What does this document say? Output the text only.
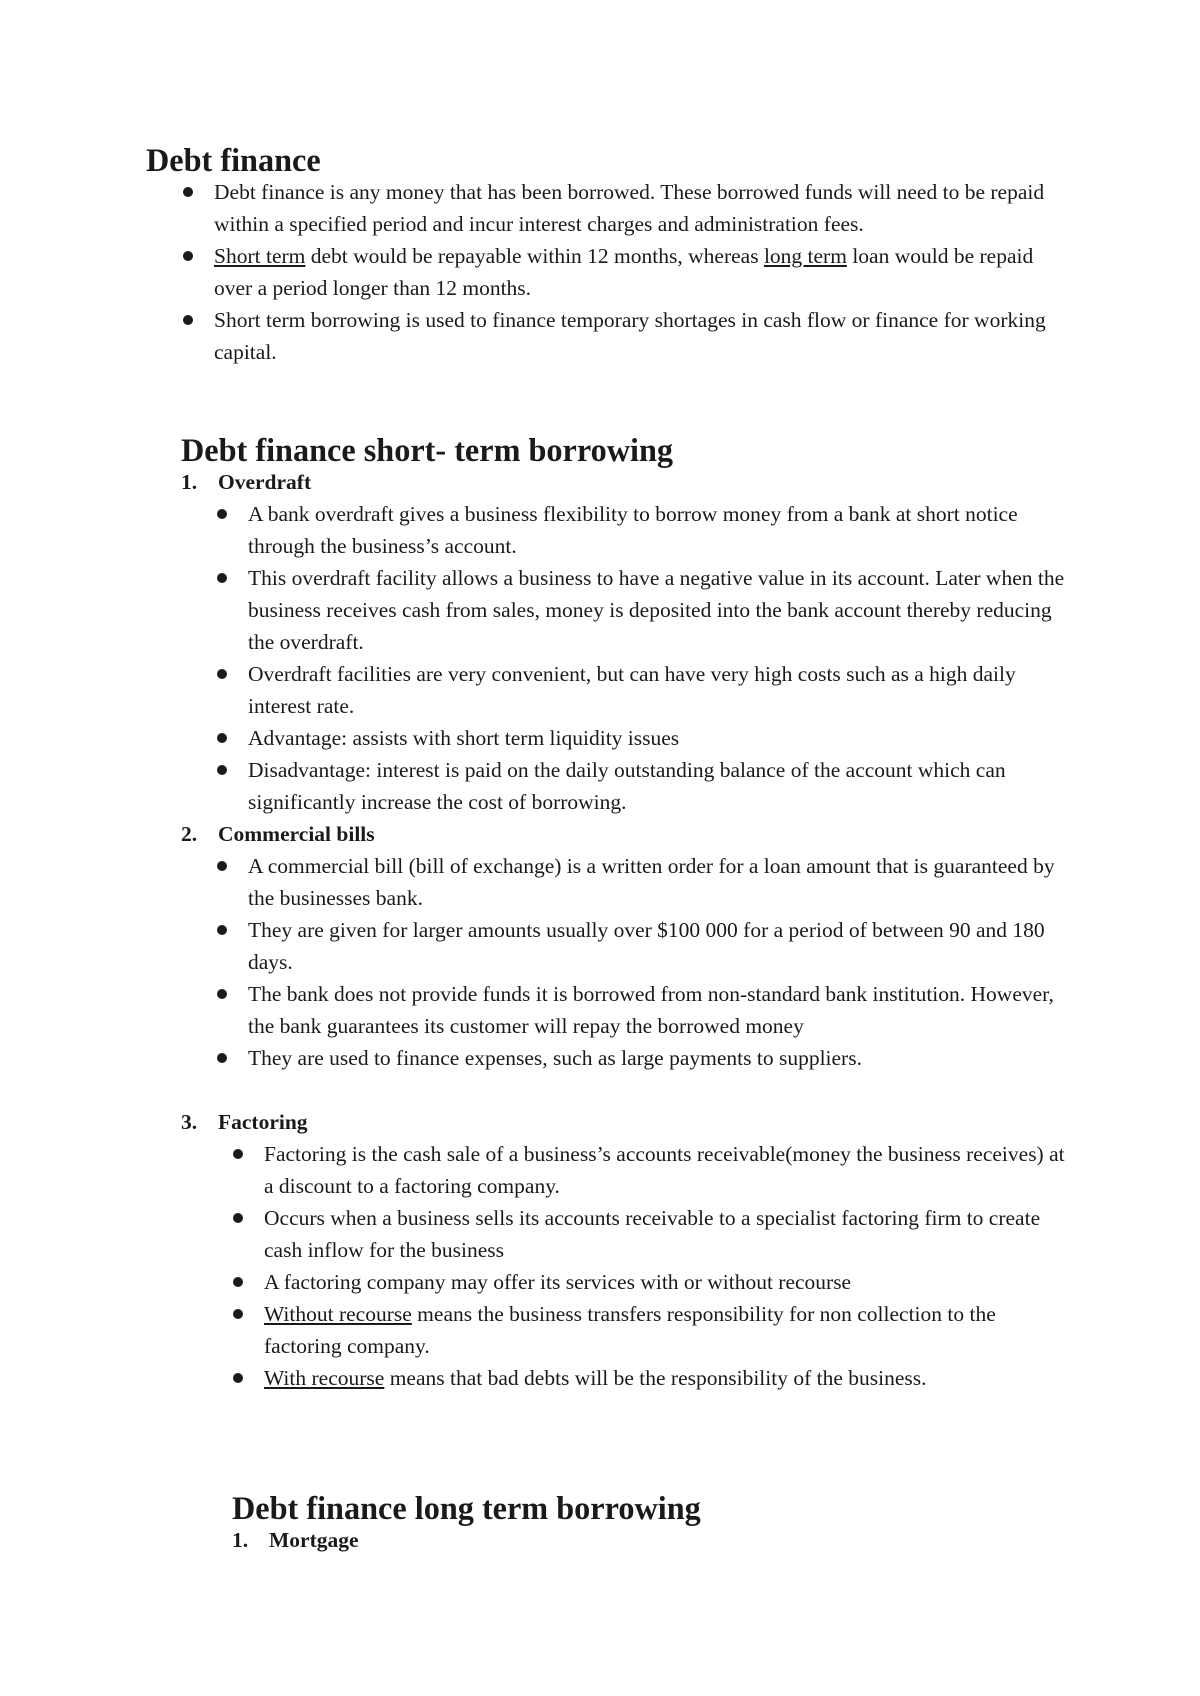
Debt finance
Debt finance is any money that has been borrowed. These borrowed funds will need to be repaid within a specified period and incur interest charges and administration fees.
Short term debt would be repayable within 12 months, whereas long term loan would be repaid over a period longer than 12 months.
Short term borrowing is used to finance temporary shortages in cash flow or finance for working capital.
Debt finance short- term borrowing
1. Overdraft
A bank overdraft gives a business flexibility to borrow money from a bank at short notice through the business’s account.
This overdraft facility allows a business to have a negative value in its account. Later when the business receives cash from sales, money is deposited into the bank account thereby reducing the overdraft.
Overdraft facilities are very convenient, but can have very high costs such as a high daily interest rate.
Advantage: assists with short term liquidity issues
Disadvantage: interest is paid on the daily outstanding balance of the account which can significantly increase the cost of borrowing.
2. Commercial bills
A commercial bill (bill of exchange) is a written order for a loan amount that is guaranteed by the businesses bank.
They are given for larger amounts usually over $100 000 for a period of between 90 and 180 days.
The bank does not provide funds it is borrowed from non-standard bank institution. However, the bank guarantees its customer will repay the borrowed money
They are used to finance expenses, such as large payments to suppliers.
3. Factoring
Factoring is the cash sale of a business’s accounts receivable(money the business receives) at a discount to a factoring company.
Occurs when a business sells its accounts receivable to a specialist factoring firm to create cash inflow for the business
A factoring company may offer its services with or without recourse
Without recourse means the business transfers responsibility for non collection to the factoring company.
With recourse means that bad debts will be the responsibility of the business.
Debt finance long term borrowing
1. Mortgage
